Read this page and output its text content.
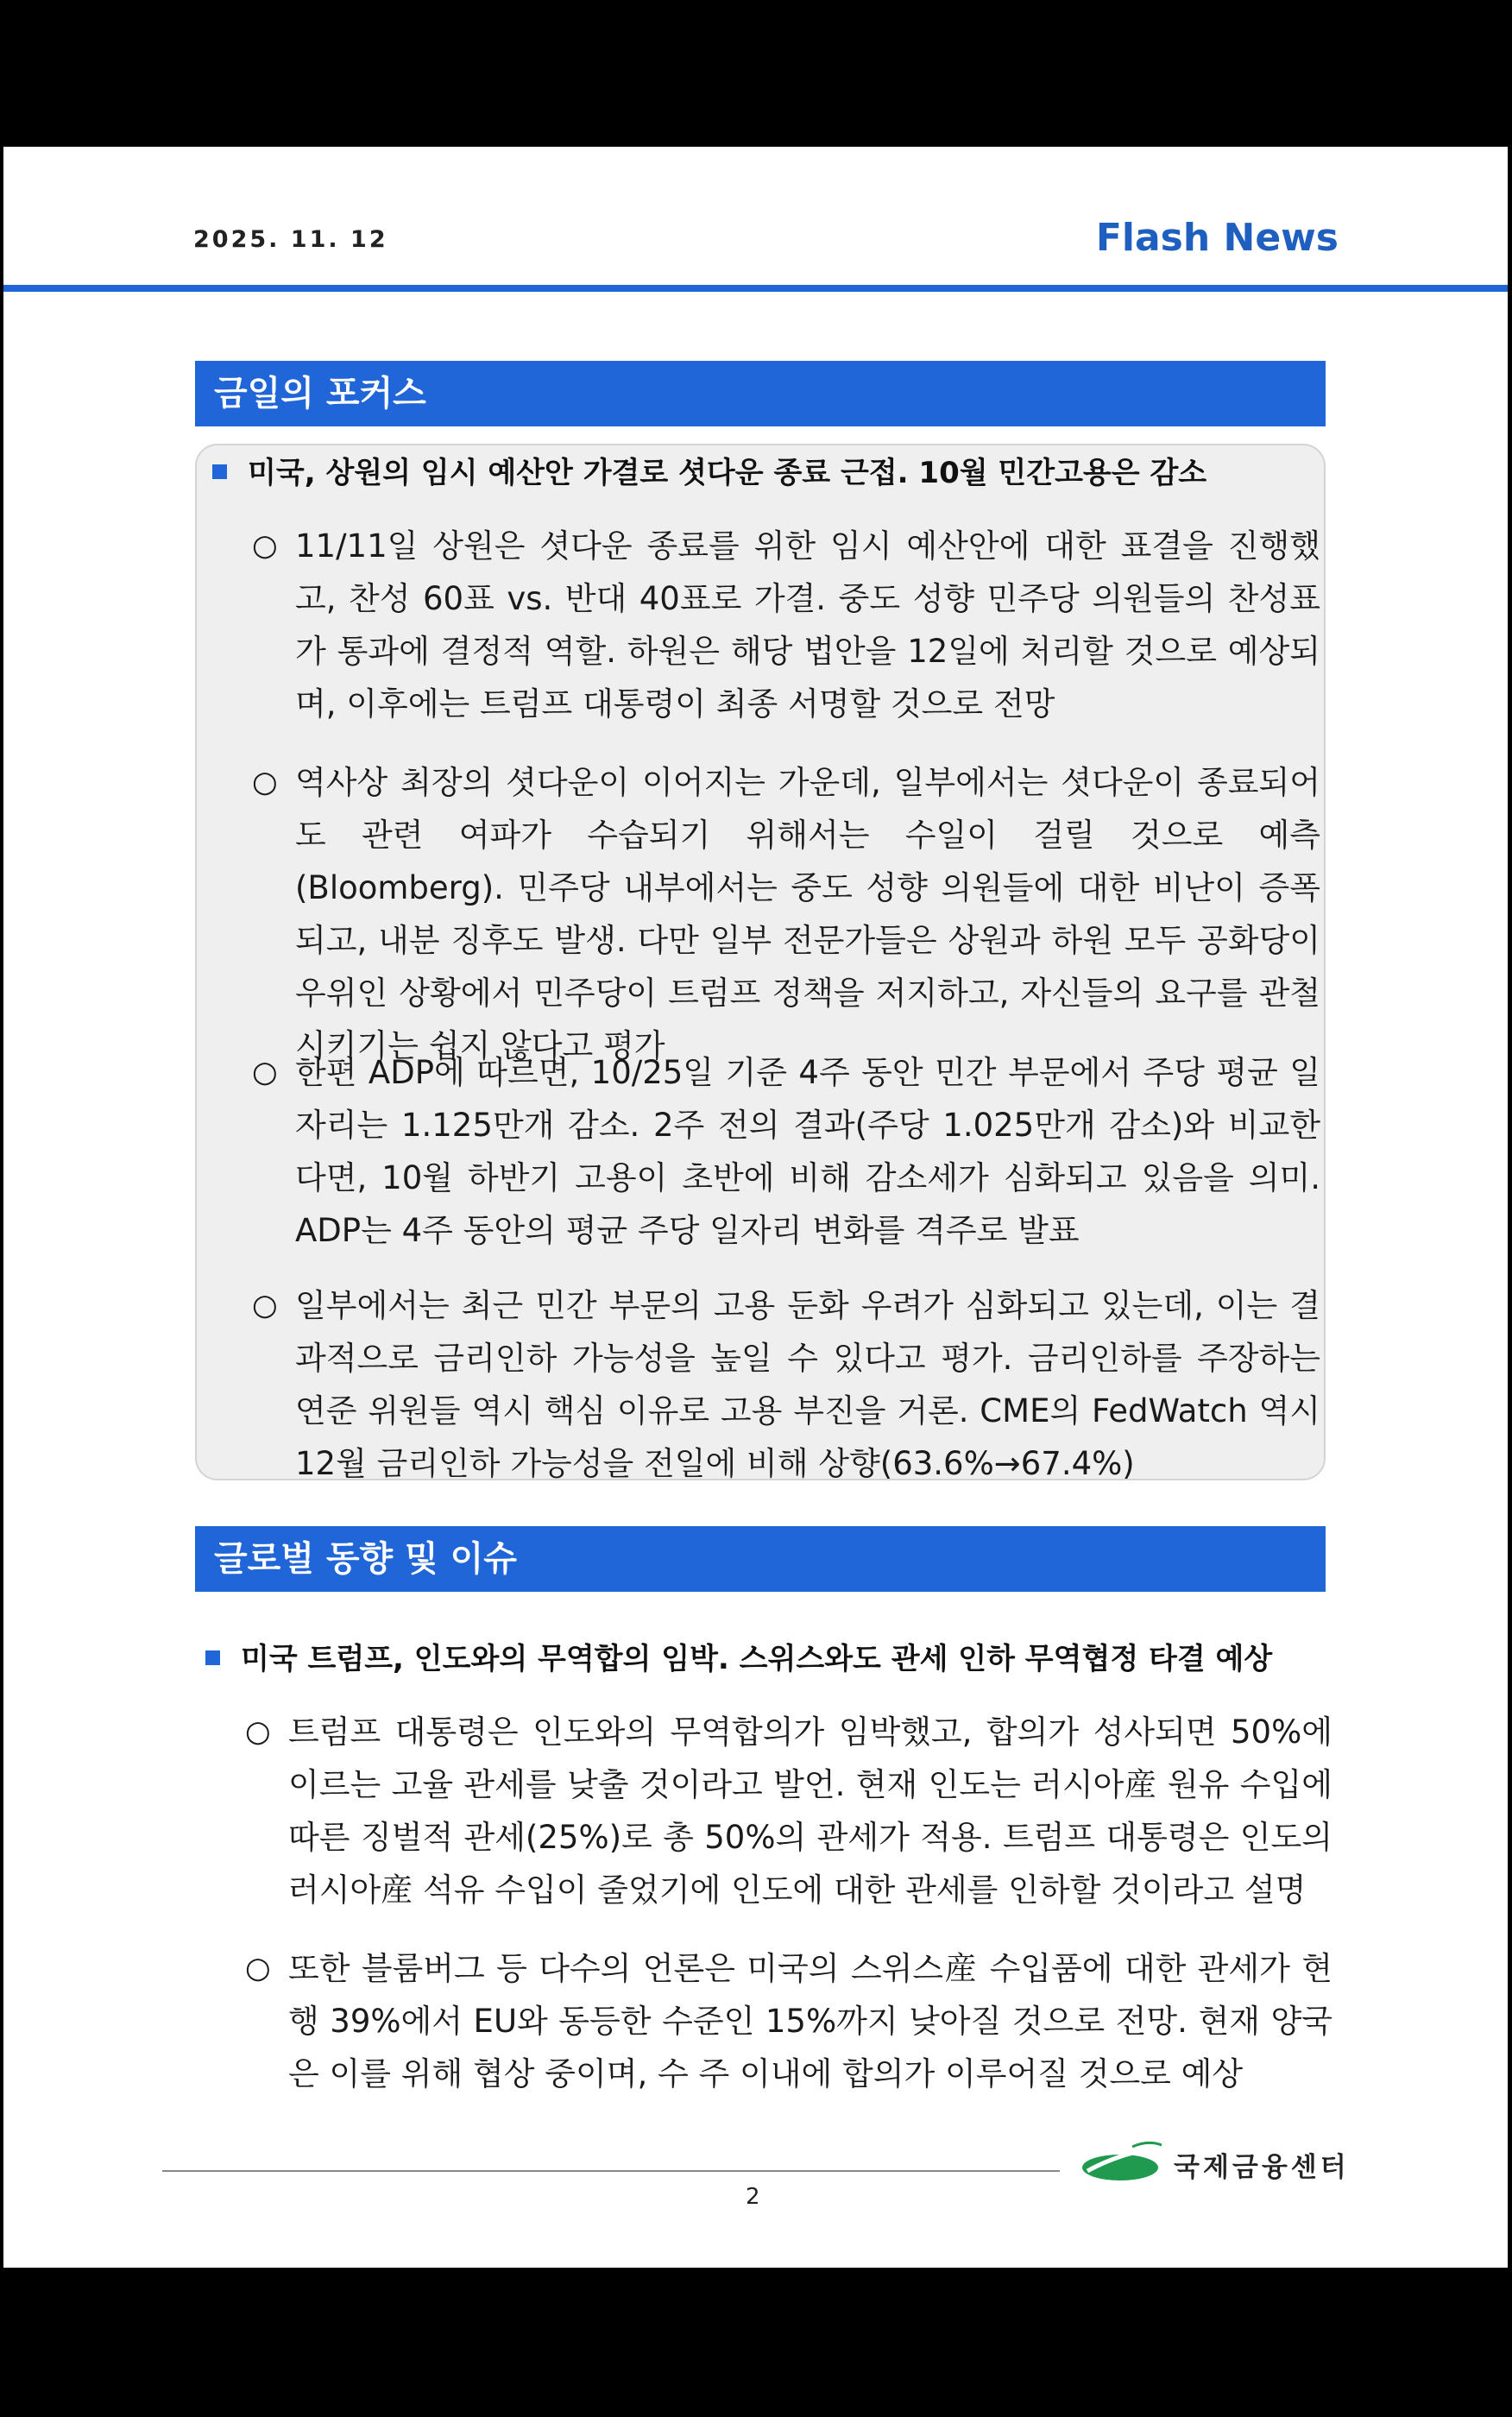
2025. 11. 12	Flash News
금일의 포커스
미국, 상원의 임시 예산안 가결로 셧다운 종료 근접. 10월 민간고용은 감소
○ 11/11일 상원은 셧다운 종료를 위한 임시 예산안에 대한 표결을 진행했고, 찬성 60표 vs. 반대 40표로 가결. 중도 성향 민주당 의원들의 찬성표가 통과에 결정적 역할. 하원은 해당 법안을 12일에 처리할 것으로 예상되며, 이후에는 트럼프 대통령이 최종 서명할 것으로 전망
○ 역사상 최장의 셧다운이 이어지는 가운데, 일부에서는 셧다운이 종료되어도 관련 여파가 수습되기 위해서는 수일이 걸릴 것으로 예측(Bloomberg). 민주당 내부에서는 중도 성향 의원들에 대한 비난이 증폭되고, 내분 징후도 발생. 다만 일부 전문가들은 상원과 하원 모두 공화당이 우위인 상황에서 민주당이 트럼프 정책을 저지하고, 자신들의 요구를 관철시키기는 쉽지 않다고 평가
○ 한편 ADP에 따르면, 10/25일 기준 4주 동안 민간 부문에서 주당 평균 일자리는 1.125만개 감소. 2주 전의 결과(주당 1.025만개 감소)와 비교한다면, 10월 하반기 고용이 초반에 비해 감소세가 심화되고 있음을 의미. ADP는 4주 동안의 평균 주당 일자리 변화를 격주로 발표
○ 일부에서는 최근 민간 부문의 고용 둔화 우려가 심화되고 있는데, 이는 결과적으로 금리인하 가능성을 높일 수 있다고 평가. 금리인하를 주장하는 연준 위원들 역시 핵심 이유로 고용 부진을 거론. CME의 FedWatch 역시 12월 금리인하 가능성을 전일에 비해 상향(63.6%→67.4%)
글로벌 동향 및 이슈
미국 트럼프, 인도와의 무역합의 임박. 스위스와도 관세 인하 무역협정 타결 예상
○ 트럼프 대통령은 인도와의 무역합의가 임박했고, 합의가 성사되면 50%에 이르는 고율 관세를 낮출 것이라고 발언. 현재 인도는 러시아産 원유 수입에 따른 징벌적 관세(25%)로 총 50%의 관세가 적용. 트럼프 대통령은 인도의 러시아産 석유 수입이 줄었기에 인도에 대한 관세를 인하할 것이라고 설명
○ 또한 블룸버그 등 다수의 언론은 미국의 스위스産 수입품에 대한 관세가 현행 39%에서 EU와 동등한 수준인 15%까지 낮아질 것으로 전망. 현재 양국은 이를 위해 협상 중이며, 수 주 이내에 합의가 이루어질 것으로 예상
2
국제금융센터
